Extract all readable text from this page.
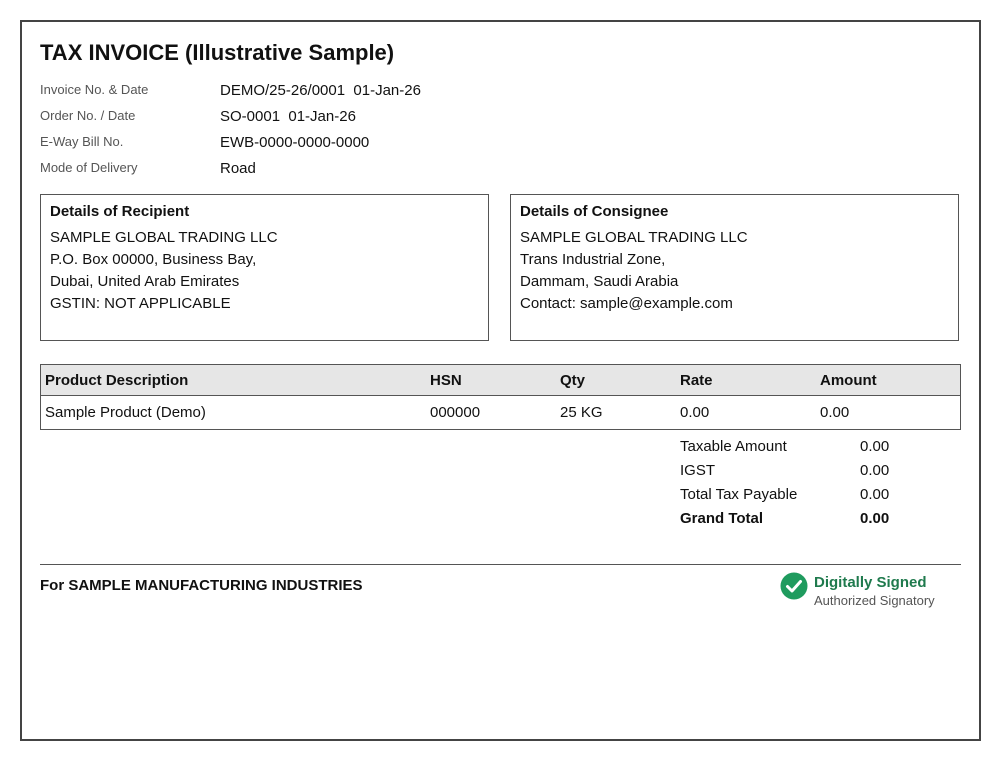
TAX INVOICE (Illustrative Sample)
Invoice No. & Date	DEMO/25-26/0001  01-Jan-26
Order No. / Date	SO-0001  01-Jan-26
E-Way Bill No.	EWB-0000-0000-0000
Mode of Delivery	Road
Details of Recipient
SAMPLE GLOBAL TRADING LLC
P.O. Box 00000, Business Bay,
Dubai, United Arab Emirates
GSTIN: NOT APPLICABLE
Details of Consignee
SAMPLE GLOBAL TRADING LLC
Trans Industrial Zone,
Dammam, Saudi Arabia
Contact: sample@example.com
Product Description	HSN	Qty	Rate	Amount
Sample Product (Demo)	000000	25 KG	0.00	0.00
Taxable Amount	0.00
IGST	0.00
Total Tax Payable	0.00
Grand Total	0.00
For SAMPLE MANUFACTURING INDUSTRIES	Digitally Signed
Authorized Signatory
